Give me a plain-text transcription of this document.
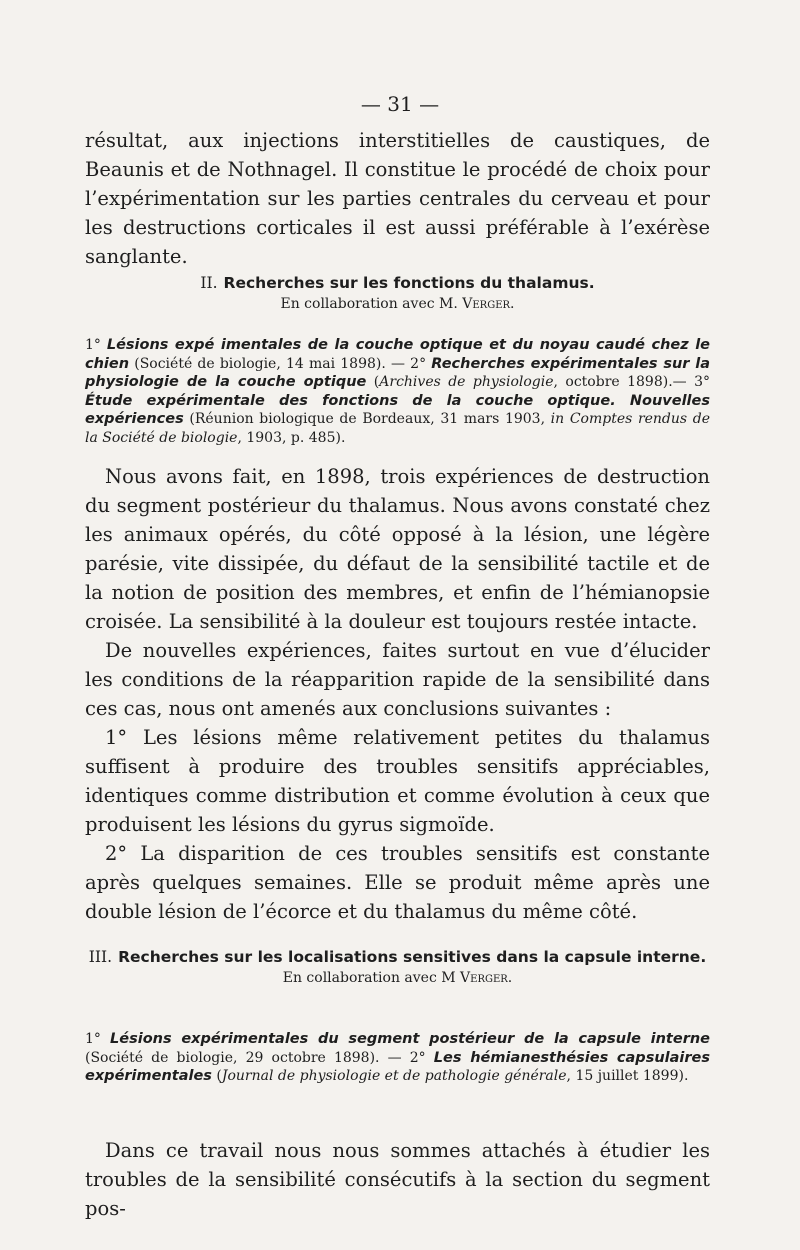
— 31 —

résultat, aux injections interstitielles de caustiques, de Beaunis et de Nothnagel. Il constitue le procédé de choix pour l’expérimentation sur les parties centrales du cerveau et pour les destructions corticales il est aussi préférable à l’exérèse sanglante.

II. Recherches sur les fonctions du thalamus.
En collaboration avec M. Verger.

1° Lésions expé imentales de la couche optique et du noyau caudé chez le chien (Société de biologie, 14 mai 1898). — 2° Recherches expérimentales sur la physiologie de la couche optique (Archives de physiologie, octobre 1898).— 3° Étude expérimentale des fonctions de la couche optique. Nouvelles expériences (Réunion biologique de Bordeaux, 31 mars 1903, in Comptes rendus de la Société de biologie, 1903, p. 485).

Nous avons fait, en 1898, trois expériences de destruction du segment postérieur du thalamus. Nous avons constaté chez les animaux opérés, du côté opposé à la lésion, une légère parésie, vite dissipée, du défaut de la sensibilité tactile et de la notion de position des membres, et enfin de l’hémianopsie croisée. La sensibilité à la douleur est toujours restée intacte.

De nouvelles expériences, faites surtout en vue d’élucider les conditions de la réapparition rapide de la sensibilité dans ces cas, nous ont amenés aux conclusions suivantes :

1° Les lésions même relativement petites du thalamus suffisent à produire des troubles sensitifs appréciables, identiques comme distribution et comme évolution à ceux que produisent les lésions du gyrus sigmoïde.

2° La disparition de ces troubles sensitifs est constante après quelques semaines. Elle se produit même après une double lésion de l’écorce et du thalamus du même côté.

III. Recherches sur les localisations sensitives dans la capsule interne.
En collaboration avec M Verger.

1° Lésions expérimentales du segment postérieur de la capsule interne (Société de biologie, 29 octobre 1898). — 2° Les hémianesthésies capsulaires expérimentales (Journal de physiologie et de pathologie générale, 15 juillet 1899).

Dans ce travail nous nous sommes attachés à étudier les troubles de la sensibilité consécutifs à la section du segment pos-
